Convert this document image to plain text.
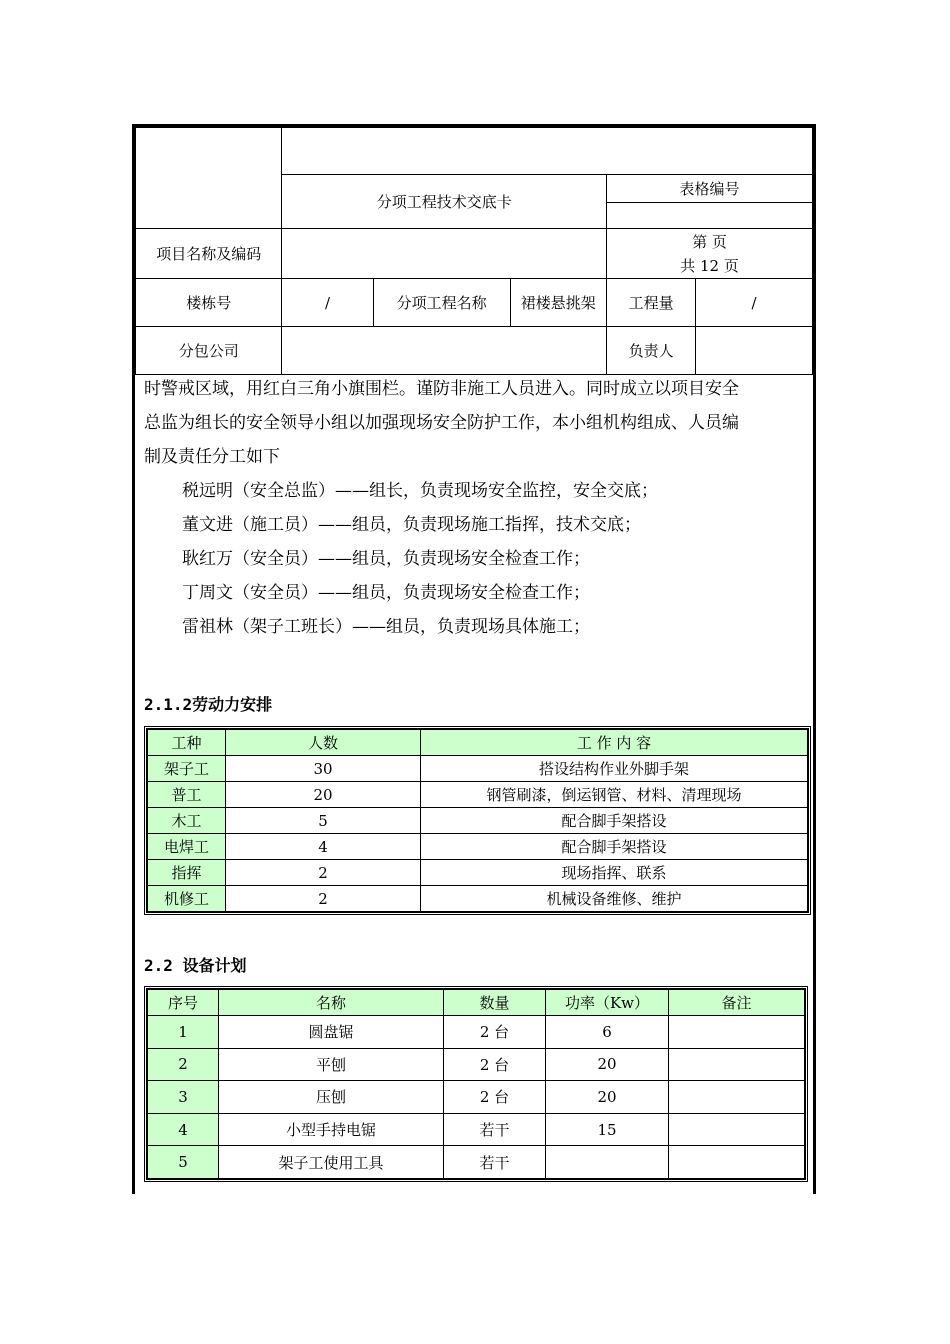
	分项工程技术交底卡			表格编号	

项目名称及编码				第 页
共 12 页	

楼栋号	/	分项工程名称	裙楼悬挑架	工程量	/
分包公司				负责人	
时警戒区域，用红白三角小旗围栏。谨防非施工人员进入。同时成立以项目安全
总监为组长的安全领导小组以加强现场安全防护工作，本小组机构组成、人员编
制及责任分工如下
税远明（安全总监）——组长，负责现场安全监控，安全交底；
董文进（施工员）——组员，负责现场施工指挥，技术交底；
耿红万（安全员）——组员，负责现场安全检查工作；
丁周文（安全员）——组员，负责现场安全检查工作；
雷祖林（架子工班长）——组员，负责现场具体施工；
2.1.2劳动力安排
工种	人数	工 作 内 容
架子工	30	搭设结构作业外脚手架
普工	20	钢管刷漆，倒运钢管、材料、清理现场
木工	5	配合脚手架搭设
电焊工	4	配合脚手架搭设
指挥	2	现场指挥、联系
机修工	2	机械设备维修、维护
2.2 设备计划
序号	名称	数量	功率（Kw）	备注
1	圆盘锯	2 台	6	
2	平刨	2 台	20	
3	压刨	2 台	20	
4	小型手持电锯	若干	15	
5	架子工使用工具	若干		
